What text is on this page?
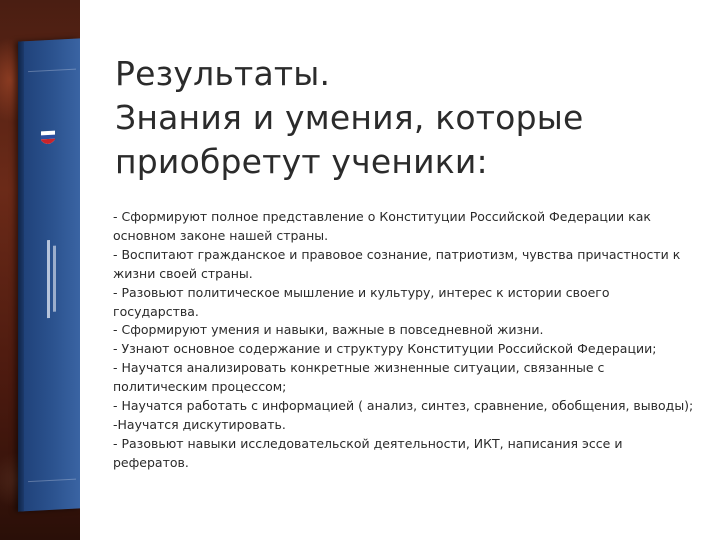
Результаты.
Знания и умения, которые
приобретут ученики:
- Сформируют полное представление о Конституции Российской Федерации как основном законе нашей страны.
- Воспитают гражданское и правовое сознание, патриотизм, чувства причастности к жизни своей страны.
- Разовьют политическое мышление и культуру, интерес к истории своего государства.
- Сформируют умения и навыки, важные в повседневной жизни.
- Узнают основное содержание и структуру Конституции Российской Федерации;
- Научатся анализировать конкретные жизненные ситуации, связанные с политическим процессом;
- Научатся работать с информацией ( анализ, синтез, сравнение, обобщения, выводы);
-Научатся дискутировать.
- Разовьют навыки исследовательской деятельности, ИКТ, написания эссе и рефератов.
